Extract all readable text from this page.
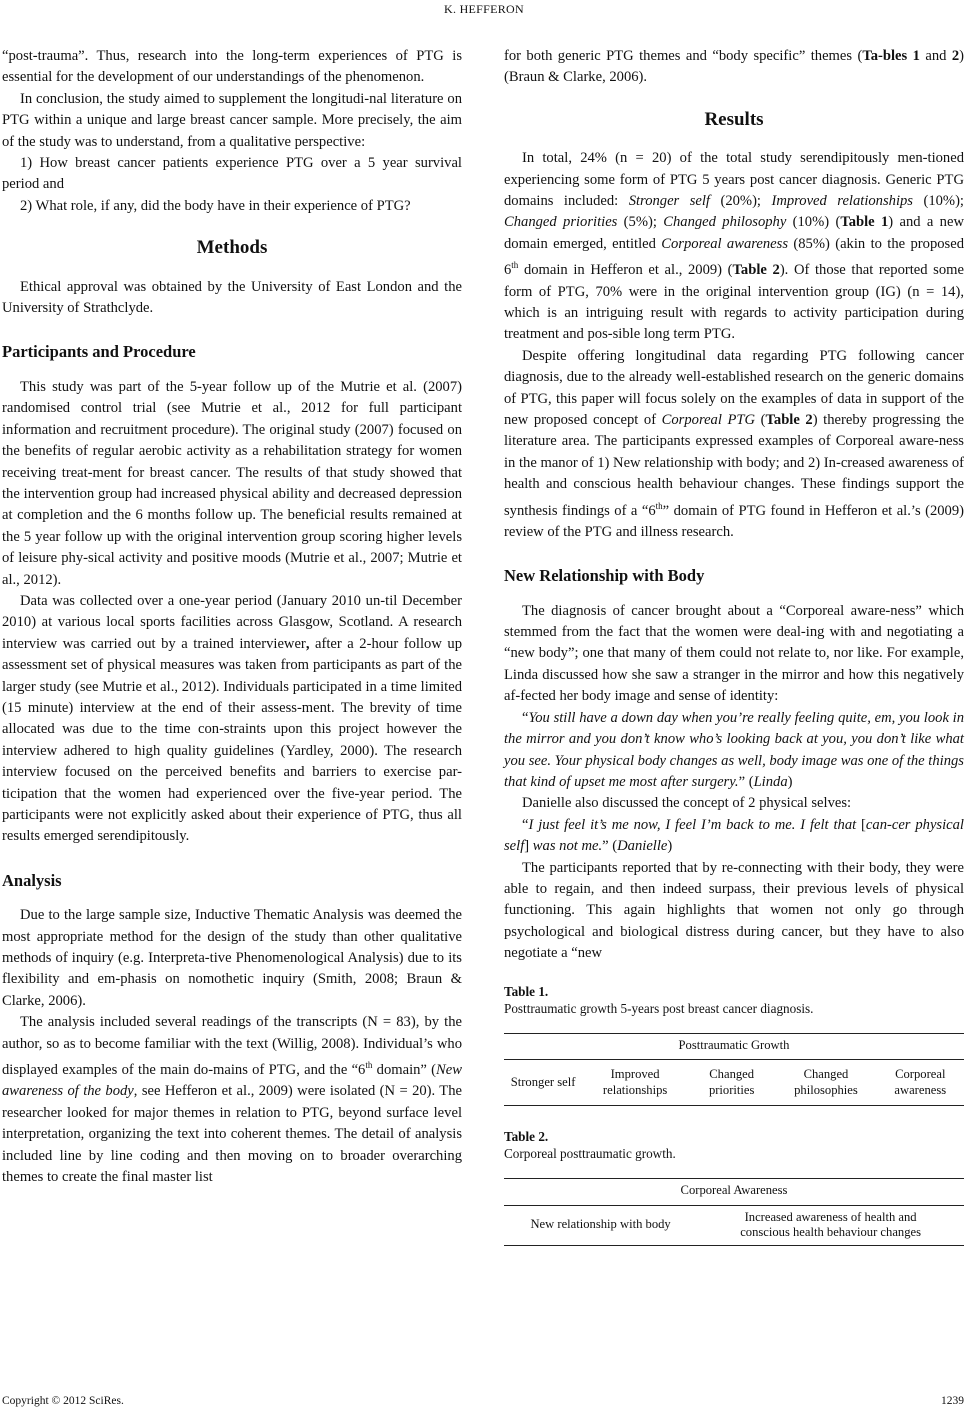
K. HEFFERON

“post-trauma”. Thus, research into the long-term experiences of PTG is essential for the development of our understandings of the phenomenon.

In conclusion, the study aimed to supplement the longitudi-nal literature on PTG within a unique and large breast cancer sample. More precisely, the aim of the study was to understand, from a qualitative perspective:

1) How breast cancer patients experience PTG over a 5 year survival period and

2) What role, if any, did the body have in their experience of PTG?

Methods

Ethical approval was obtained by the University of East London and the University of Strathclyde.

Participants and Procedure

This study was part of the 5-year follow up of the Mutrie et al. (2007) randomised control trial (see Mutrie et al., 2012 for full participant information and recruitment procedure). The original study (2007) focused on the benefits of regular aerobic activity as a rehabilitation strategy for women receiving treat-ment for breast cancer. The results of that study showed that the intervention group had increased physical ability and decreased depression at completion and the 6 months follow up. The beneficial results remained at the 5 year follow up with the original intervention group scoring higher levels of leisure phy-sical activity and positive moods (Mutrie et al., 2007; Mutrie et al., 2012).

Data was collected over a one-year period (January 2010 un-til December 2010) at various local sports facilities across Glasgow, Scotland. A research interview was carried out by a trained interviewer, after a 2-hour follow up assessment set of physical measures was taken from participants as part of the larger study (see Mutrie et al., 2012). Individuals participated in a time limited (15 minute) interview at the end of their assess-ment. The brevity of time allocated was due to the time con-straints upon this project however the interview adhered to high quality guidelines (Yardley, 2000). The research interview focused on the perceived benefits and barriers to exercise par-ticipation that the women had experienced over the five-year period. The participants were not explicitly asked about their experience of PTG, thus all results emerged serendipitously.

Analysis

Due to the large sample size, Inductive Thematic Analysis was deemed the most appropriate method for the design of the study than other qualitative methods of inquiry (e.g. Interpreta-tive Phenomenological Analysis) due to its flexibility and em-phasis on nomothetic inquiry (Smith, 2008; Braun & Clarke, 2006).

The analysis included several readings of the transcripts (N = 83), by the author, so as to become familiar with the text (Willig, 2008). Individual’s who displayed examples of the main do-mains of PTG, and the “6th domain” (New awareness of the body, see Hefferon et al., 2009) were isolated (N = 20). The researcher looked for major themes in relation to PTG, beyond surface level interpretation, organizing the text into coherent themes. The detail of analysis included line by line coding and then moving on to broader overarching themes to create the final master list

for both generic PTG themes and “body specific” themes (Ta-bles 1 and 2) (Braun & Clarke, 2006).

Results

In total, 24% (n = 20) of the total study serendipitously men-tioned experiencing some form of PTG 5 years post cancer diagnosis. Generic PTG domains included: Stronger self (20%); Improved relationships (10%); Changed priorities (5%); Changed philosophy (10%) (Table 1) and a new domain emerged, entitled Corporeal awareness (85%) (akin to the proposed 6th domain in Hefferon et al., 2009) (Table 2). Of those that reported some form of PTG, 70% were in the original intervention group (IG) (n = 14), which is an intriguing result with regards to activity participation during treatment and pos-sible long term PTG.

Despite offering longitudinal data regarding PTG following cancer diagnosis, due to the already well-established research on the generic domains of PTG, this paper will focus solely on the examples of data in support of the new proposed concept of Corporeal PTG (Table 2) thereby progressing the literature area. The participants expressed examples of Corporeal aware-ness in the manor of 1) New relationship with body; and 2) In-creased awareness of health and conscious health behaviour changes. These findings support the synthesis findings of a “6th” domain of PTG found in Hefferon et al.’s (2009) review of the PTG and illness research.

New Relationship with Body

The diagnosis of cancer brought about a “Corporeal aware-ness” which stemmed from the fact that the women were deal-ing with and negotiating a “new body”; one that many of them could not relate to, nor like. For example, Linda discussed how she saw a stranger in the mirror and how this negatively af-fected her body image and sense of identity:

“You still have a down day when you’re really feeling quite, em, you look in the mirror and you don’t know who’s looking back at you, you don’t like what you see. Your physical body changes as well, body image was one of the things that kind of upset me most after surgery.” (Linda)

Danielle also discussed the concept of 2 physical selves:

“I just feel it’s me now, I feel I’m back to me. I felt that [can-cer physical self] was not me.” (Danielle)

The participants reported that by re-connecting with their body, they were able to regain, and then indeed surpass, their previous levels of physical functioning. This again highlights that women not only go through psychological and biological distress during cancer, but they have to also negotiate a “new

Table 1.
Posttraumatic growth 5-years post breast cancer diagnosis.
Posttraumatic Growth
Stronger self	Improved relationships	Changed priorities	Changed philosophies	Corporeal awareness
Table 2.
Corporeal posttraumatic growth.
Corporeal Awareness
New relationship with body	Increased awareness of health and conscious health behaviour changes
Copyright © 2012 SciRes.	1239
